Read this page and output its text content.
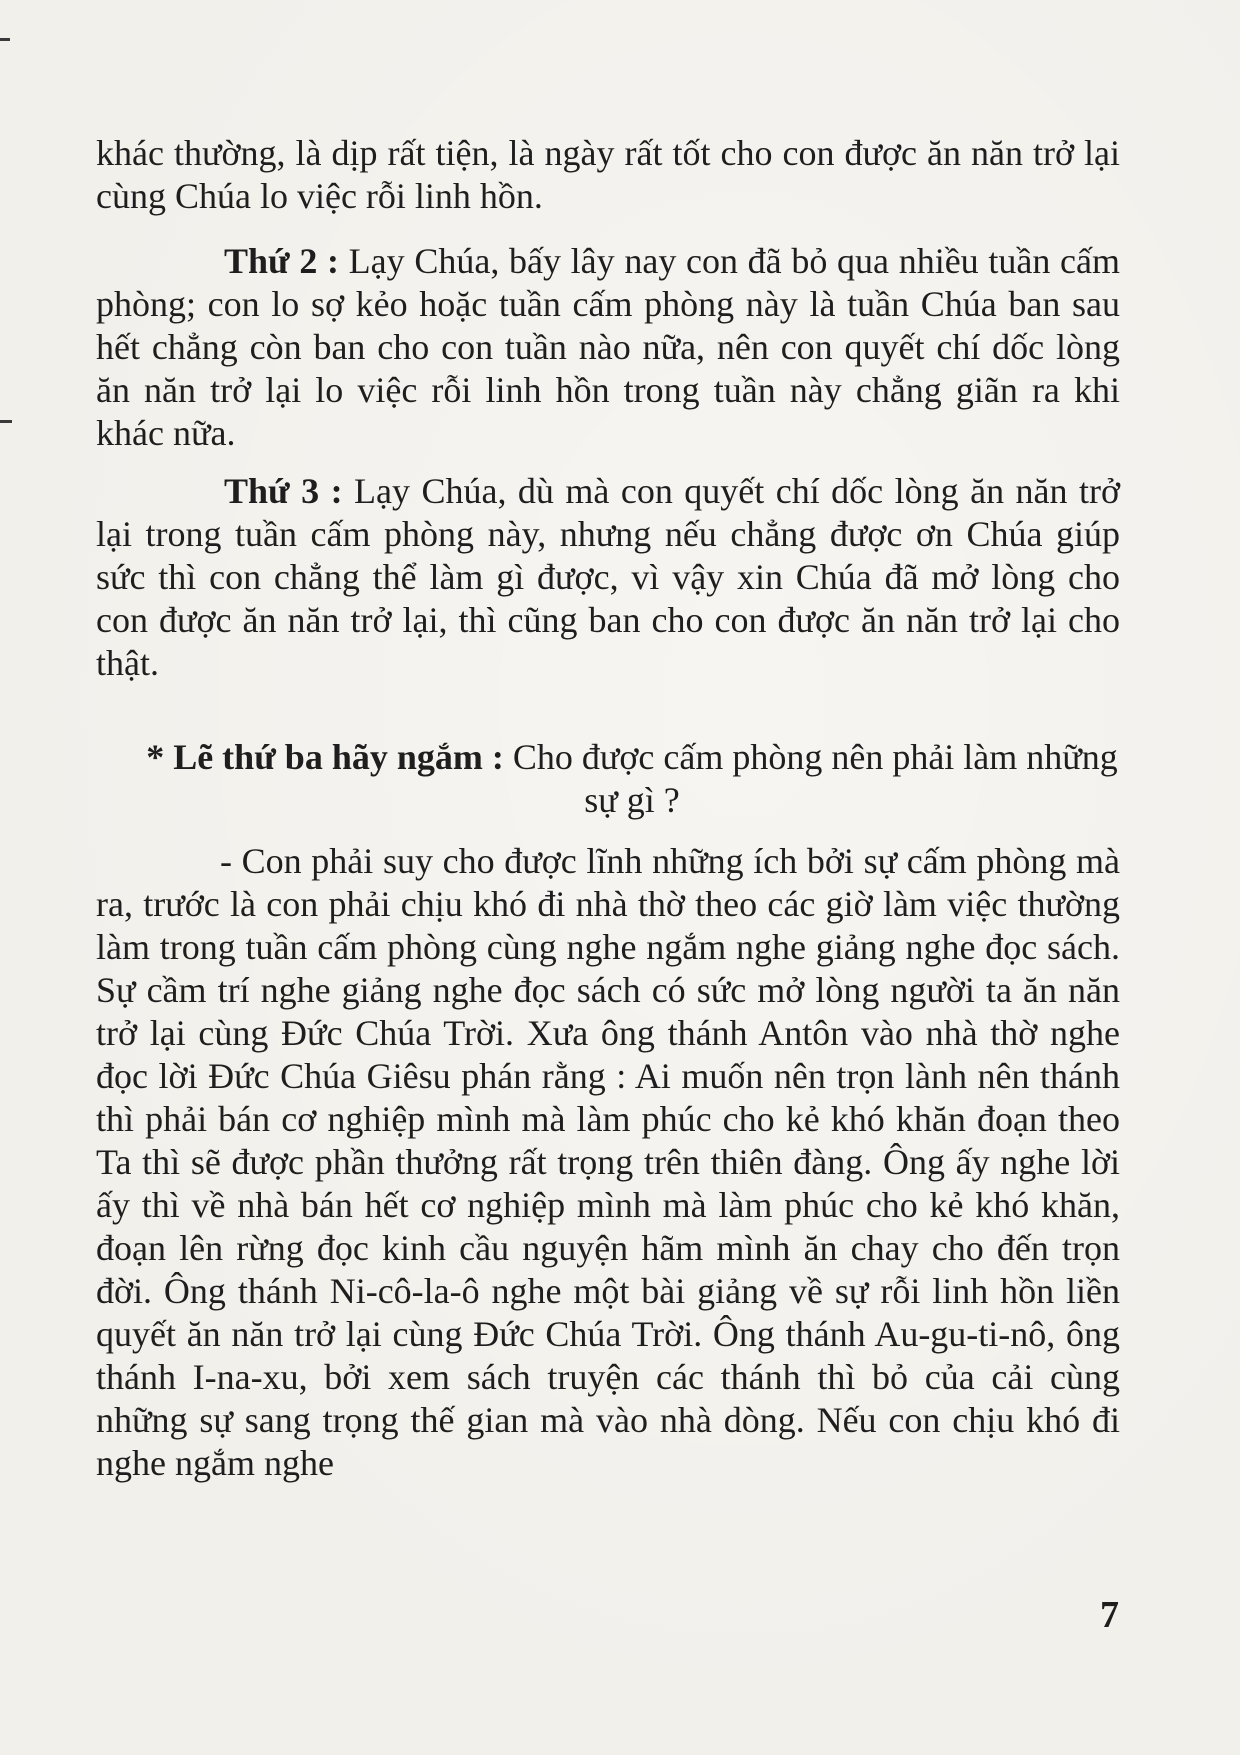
khác thường, là dịp rất tiện, là ngày rất tốt cho con được ăn năn trở lại cùng Chúa lo việc rỗi linh hồn.

Thứ 2 : Lạy Chúa, bấy lây nay con đã bỏ qua nhiều tuần cấm phòng; con lo sợ kẻo hoặc tuần cấm phòng này là tuần Chúa ban sau hết chẳng còn ban cho con tuần nào nữa, nên con quyết chí dốc lòng ăn năn trở lại lo việc rỗi linh hồn trong tuần này chẳng giãn ra khi khác nữa.

Thứ 3 : Lạy Chúa, dù mà con quyết chí dốc lòng ăn năn trở lại trong tuần cấm phòng này, nhưng nếu chẳng được ơn Chúa giúp sức thì con chẳng thể làm gì được, vì vậy xin Chúa đã mở lòng cho con được ăn năn trở lại, thì cũng ban cho con được ăn năn trở lại cho thật.

* Lẽ thứ ba hãy ngắm : Cho được cấm phòng nên phải làm những sự gì ?

- Con phải suy cho được lĩnh những ích bởi sự cấm phòng mà ra, trước là con phải chịu khó đi nhà thờ theo các giờ làm việc thường làm trong tuần cấm phòng cùng nghe ngắm nghe giảng nghe đọc sách. Sự cầm trí nghe giảng nghe đọc sách có sức mở lòng người ta ăn năn trở lại cùng Đức Chúa Trời. Xưa ông thánh Antôn vào nhà thờ nghe đọc lời Đức Chúa Giêsu phán rằng : Ai muốn nên trọn lành nên thánh thì phải bán cơ nghiệp mình mà làm phúc cho kẻ khó khăn đoạn theo Ta thì sẽ được phần thưởng rất trọng trên thiên đàng. Ông ấy nghe lời ấy thì về nhà bán hết cơ nghiệp mình mà làm phúc cho kẻ khó khăn, đoạn lên rừng đọc kinh cầu nguyện hãm mình ăn chay cho đến trọn đời. Ông thánh Ni-cô-la-ô nghe một bài giảng về sự rỗi linh hồn liền quyết ăn năn trở lại cùng Đức Chúa Trời. Ông thánh Au-gu-ti-nô, ông thánh I-na-xu, bởi xem sách truyện các thánh thì bỏ của cải cùng những sự sang trọng thế gian mà vào nhà dòng. Nếu con chịu khó đi nghe ngắm nghe

7
